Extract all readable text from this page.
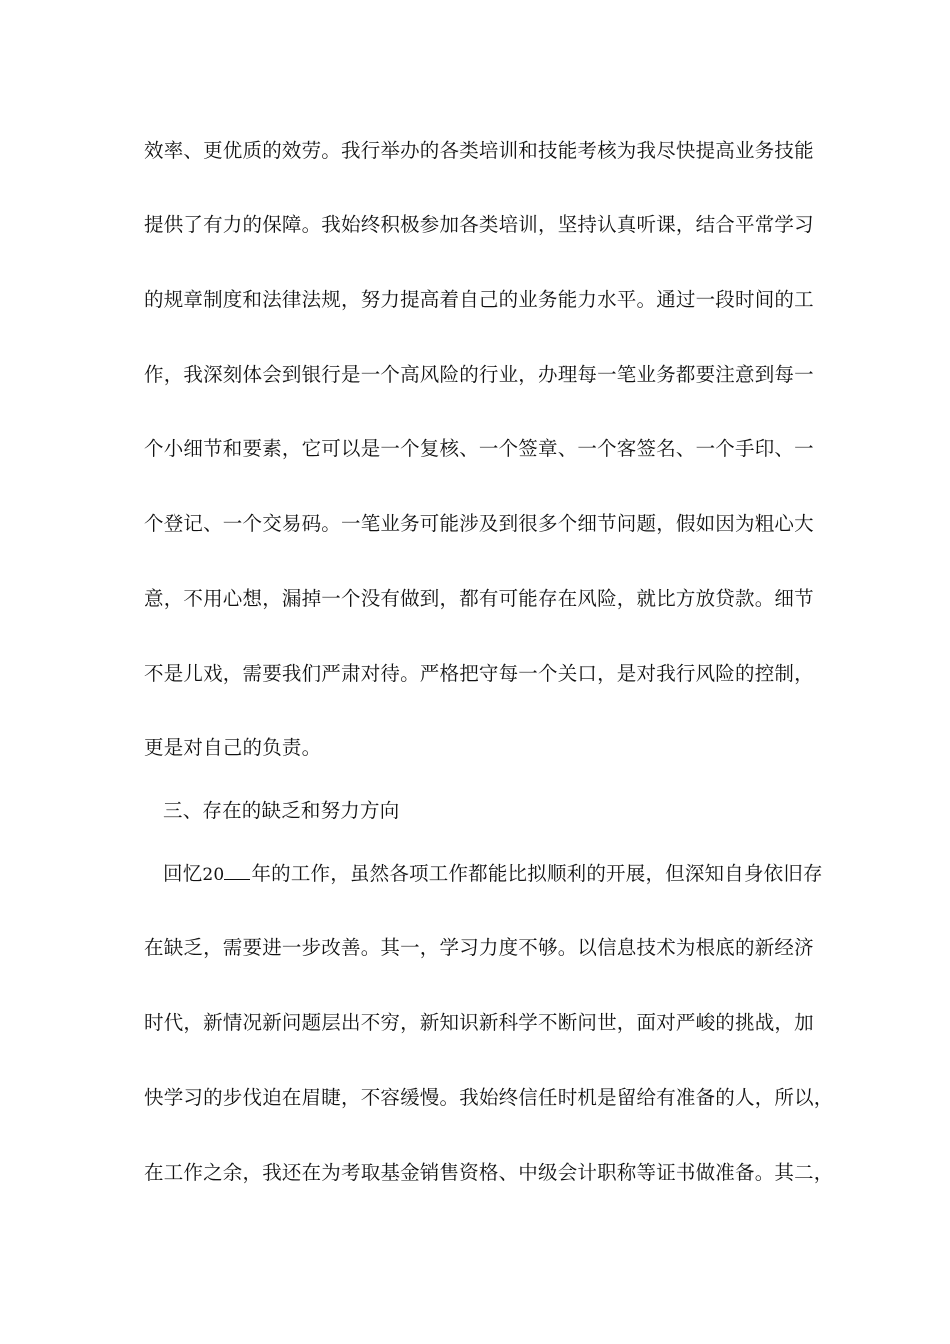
效率、更优质的效劳。我行举办的各类培训和技能考核为我尽快提高业务技能
提供了有力的保障。我始终积极参加各类培训，坚持认真听课，结合平常学习
的规章制度和法律法规，努力提高着自己的业务能力水平。通过一段时间的工
作，我深刻体会到银行是一个高风险的行业，办理每一笔业务都要注意到每一
个小细节和要素，它可以是一个复核、一个签章、一个客签名、一个手印、一
个登记、一个交易码。一笔业务可能涉及到很多个细节问题，假如因为粗心大
意，不用心想，漏掉一个没有做到，都有可能存在风险，就比方放贷款。细节
不是儿戏，需要我们严肃对待。严格把守每一个关口，是对我行风险的控制，
更是对自己的负责。
三、存在的缺乏和努力方向
回忆20 年的工作，虽然各项工作都能比拟顺利的开展，但深知自身依旧存
在缺乏，需要进一步改善。其一，学习力度不够。以信息技术为根底的新经济
时代，新情况新问题层出不穷，新知识新科学不断问世，面对严峻的挑战，加
快学习的步伐迫在眉睫，不容缓慢。我始终信任时机是留给有准备的人，所以，
在工作之余，我还在为考取基金销售资格、中级会计职称等证书做准备。其二，
